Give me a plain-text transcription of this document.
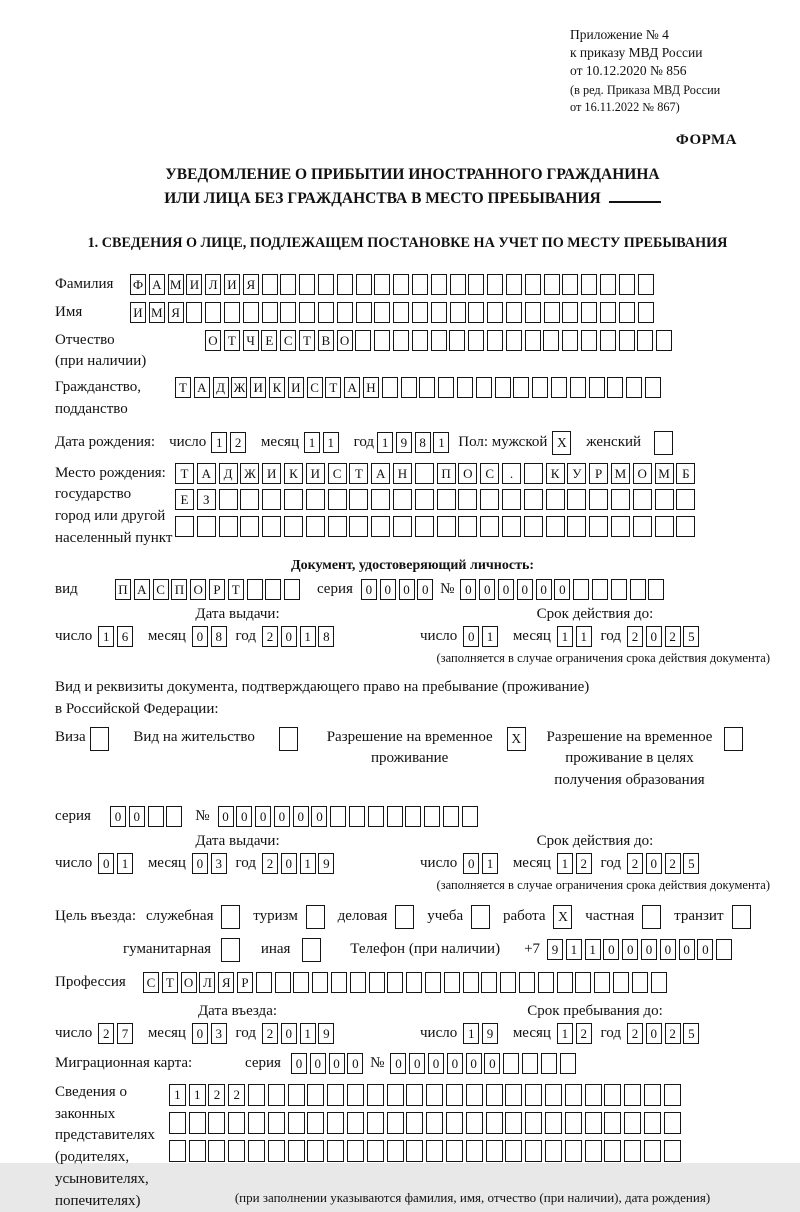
Приложение № 4
к приказу МВД России
от 10.12.2020 № 856
(в ред. Приказа МВД России
от 16.11.2022 № 867)
ФОРМА
УВЕДОМЛЕНИЕ О ПРИБЫТИИ ИНОСТРАННОГО ГРАЖДАНИНА
ИЛИ ЛИЦА БЕЗ ГРАЖДАНСТВА В МЕСТО ПРЕБЫВАНИЯ
1. СВЕДЕНИЯ О ЛИЦЕ, ПОДЛЕЖАЩЕМ ПОСТАНОВКЕ НА УЧЕТ ПО МЕСТУ ПРЕБЫВАНИЯ
Фамилия	Ф А М И Л И Я
Имя	И М Я
Отчество
(при наличии)
О Т Ч Е С Т В О
Гражданство,
подданство
Т А Д Ж И К И С Т А Н
Дата рождения: число 1 2	месяц 1 1	год 1 9 8 1 Пол: мужской X	женский
Место рождения:
государство
город или другой
населенный пункт
Т	А Д Ж И К И С	Т	А Н	П О С	.	К У	Р М О М Б
Е	З
Документ, удостоверяющий личность:
вид	П А С П О Р Т	серия 0 0 0 0 № 0 0 0 0 0 0
Дата выдачи:	Срок действия до:
число 1 6	месяц 0 8 год 2 0 1 8	число 0 1	месяц 1 1 год 2 0 2 5
(заполняется в случае ограничения срока действия документа)
Вид и реквизиты документа, подтверждающего право на пребывание (проживание)
в Российской Федерации:
Виза	Вид на жительство	Разрешение на временное
проживание
X	Разрешение на временное
проживание в целях
получения образования
серия	0 0	№ 0 0 0 0 0 0
Дата выдачи:	Срок действия до:
число 0 1	месяц 0 3 год 2 0 1 9	число 0 1	месяц 1 2 год 2 0 2 5
(заполняется в случае ограничения срока действия документа)
Цель въезда: служебная	туризм	деловая	учеба	работа X	частная	транзит
гуманитарная	иная	Телефон (при наличии) +7 9 1 1 0 0 0 0 0 0
Профессия	С Т О Л Я Р
Дата въезда:	Срок пребывания до:
число 2 7	месяц 0 3 год 2 0 1 9	число 1 9	месяц 1 2 год 2 0 2 5
Миграционная карта:	серия	0 0 0 0 № 0 0 0 0 0 0
Сведения о
законных
представителях
(родителях,
усыновителях,
попечителях)
1	1	2	2
(при заполнении указываются фамилия, имя, отчество (при наличии), дата рождения)
